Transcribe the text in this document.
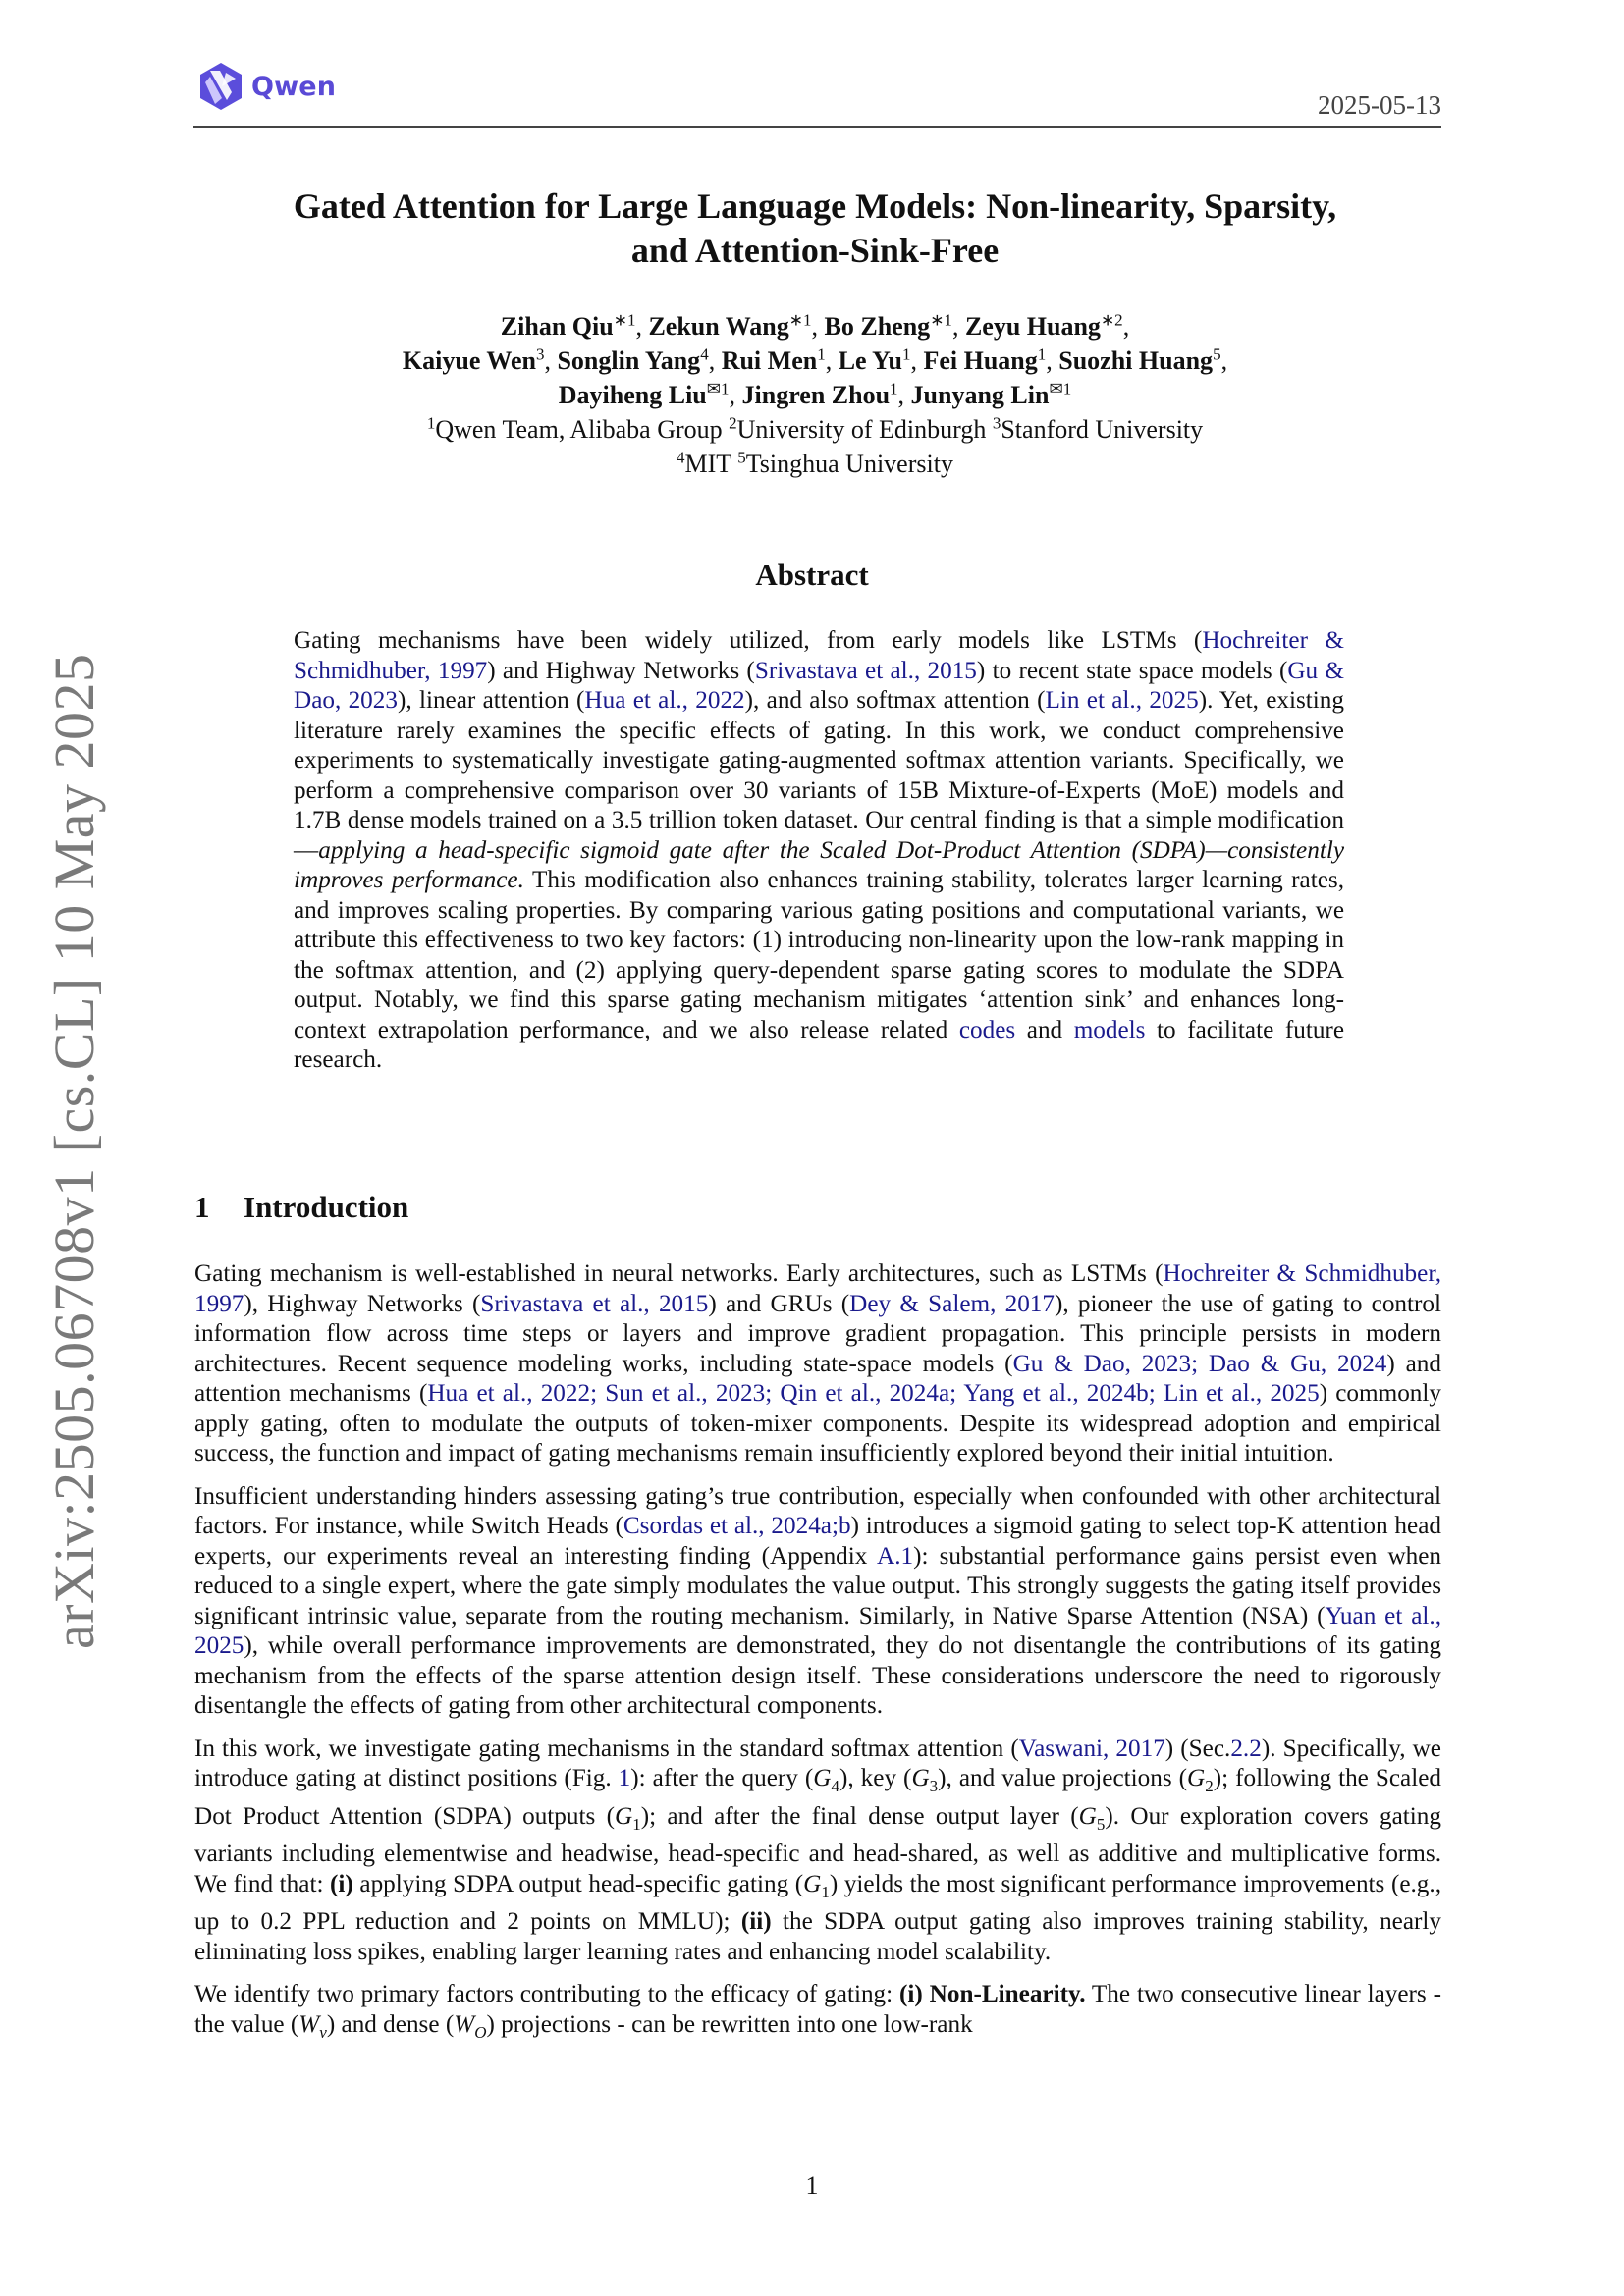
Qwen
2025-05-13
arXiv:2505.06708v1 [cs.CL] 10 May 2025
Gated Attention for Large Language Models: Non-linearity, Sparsity,
and Attention-Sink-Free
Zihan Qiu$^{∗1}$, Zekun Wang$^{∗1}$, Bo Zheng$^{∗1}$, Zeyu Huang$^{∗2}$,
Kaiyue Wen$^3$, Songlin Yang$^4$, Rui Men$^1$, Le Yu$^1$, Fei Huang$^1$, Suozhi Huang$^5$,
Dayiheng Liu$^{✉1}$, Jingren Zhou$^1$, Junyang Lin$^{✉1}$
$^1$Qwen Team, Alibaba Group $^2$University of Edinburgh $^3$Stanford University
$^4$MIT $^5$Tsinghua University
Abstract
Gating mechanisms have been widely utilized, from early models like LSTMs (Hochreiter & Schmidhuber, 1997) and Highway Networks (Srivastava et al., 2015) to recent state space models (Gu & Dao, 2023), linear attention (Hua et al., 2022), and also softmax attention (Lin et al., 2025). Yet, existing literature rarely examines the specific effects of gating. In this work, we conduct comprehensive experiments to systematically investigate gating-augmented softmax attention variants. Specifically, we perform a comprehensive comparison over 30 variants of 15B Mixture-of-Experts (MoE) models and 1.7B dense models trained on a 3.5 trillion token dataset. Our central finding is that a simple modification—applying a head-specific sigmoid gate after the Scaled Dot-Product Attention (SDPA)—consistently improves performance. This modification also enhances training stability, tolerates larger learning rates, and improves scaling properties. By comparing various gating positions and computational variants, we attribute this effectiveness to two key factors: (1) introducing non-linearity upon the low-rank mapping in the softmax attention, and (2) applying query-dependent sparse gating scores to modulate the SDPA output. Notably, we find this sparse gating mechanism mitigates ‘attention sink’ and enhances long-context extrapolation performance, and we also release related codes and models to facilitate future research.
1 Introduction

Gating mechanism is well-established in neural networks. Early architectures, such as LSTMs (Hochreiter & Schmidhuber, 1997), Highway Networks (Srivastava et al., 2015) and GRUs (Dey & Salem, 2017), pioneer the use of gating to control information flow across time steps or layers and improve gradient propagation. This principle persists in modern architectures. Recent sequence modeling works, including state-space models (Gu & Dao, 2023; Dao & Gu, 2024) and attention mechanisms (Hua et al., 2022; Sun et al., 2023; Qin et al., 2024a; Yang et al., 2024b; Lin et al., 2025) commonly apply gating, often to modulate the outputs of token-mixer components. Despite its widespread adoption and empirical success, the function and impact of gating mechanisms remain insufficiently explored beyond their initial intuition.

Insufficient understanding hinders assessing gating’s true contribution, especially when confounded with other architectural factors. For instance, while Switch Heads (Csordas et al., 2024a;b) introduces a sigmoid gating to select top-K attention head experts, our experiments reveal an interesting finding (Appendix A.1): substantial performance gains persist even when reduced to a single expert, where the gate simply modulates the value output. This strongly suggests the gating itself provides significant intrinsic value, separate from the routing mechanism. Similarly, in Native Sparse Attention (NSA) (Yuan et al., 2025), while overall performance improvements are demonstrated, they do not disentangle the contributions of its gating mechanism from the effects of the sparse attention design itself. These considerations underscore the need to rigorously disentangle the effects of gating from other architectural components.

In this work, we investigate gating mechanisms in the standard softmax attention (Vaswani, 2017) (Sec.2.2). Specifically, we introduce gating at distinct positions (Fig. 1): after the query $(G_4)$, key $(G_3)$, and value projections $(G_2)$; following the Scaled Dot Product Attention (SDPA) outputs $(G_1)$; and after the final dense output layer $(G_5)$. Our exploration covers gating variants including elementwise and headwise, head-specific and head-shared, as well as additive and multiplicative forms. We find that: (i) applying SDPA output head-specific gating $(G_1)$ yields the most significant performance improvements (e.g., up to 0.2 PPL reduction and 2 points on MMLU); (ii) the SDPA output gating also improves training stability, nearly eliminating loss spikes, enabling larger learning rates and enhancing model scalability.

We identify two primary factors contributing to the efficacy of gating: (i) Non-Linearity. The two consecutive linear layers - the value $(W_v)$ and dense $(W_O)$ projections - can be rewritten into one low-rank

1
